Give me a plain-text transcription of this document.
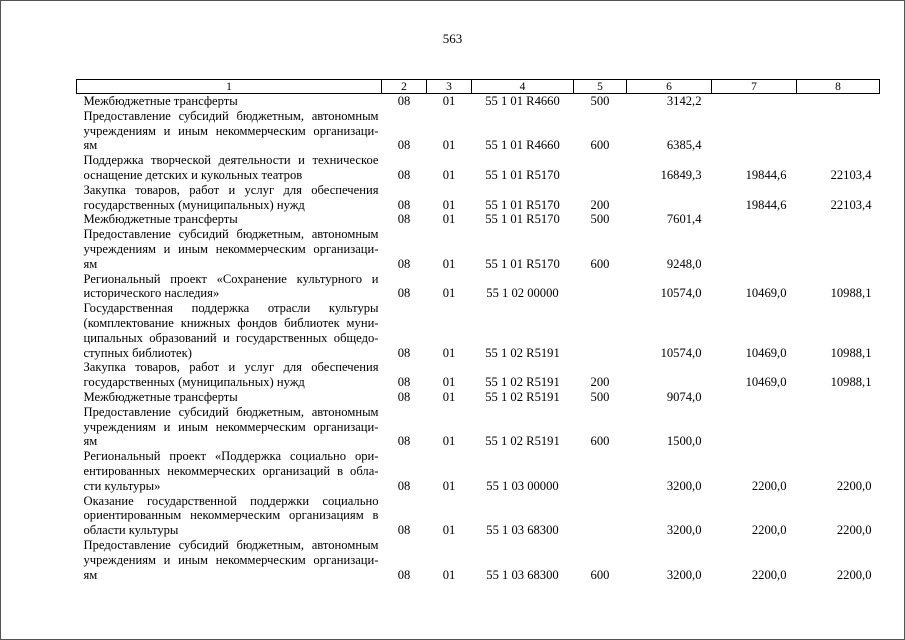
563
1	2	3	4	5	6	7	8

Межбюджетные трансферты	08	01	55 1 01 R4660	500	3142,2		

Предоставление субсидий бюджетным, автономным
учреждениям и иным некоммерческим организаци-
ям	08	01	55 1 01 R4660	600	6385,4		

Поддержка творческой деятельности и техническое
оснащение детских и кукольных театров	08	01	55 1 01 R5170		16849,3	19844,6	22103,4

Закупка товаров, работ и услуг для обеспечения
государственных (муниципальных) нужд	08	01	55 1 01 R5170	200		19844,6	22103,4

Межбюджетные трансферты	08	01	55 1 01 R5170	500	7601,4		

Предоставление субсидий бюджетным, автономным
учреждениям и иным некоммерческим организаци-
ям	08	01	55 1 01 R5170	600	9248,0		

Региональный проект «Сохранение культурного и
исторического наследия»	08	01	55 1 02 00000		10574,0	10469,0	10988,1

Государственная поддержка отрасли культуры
(комплектование книжных фондов библиотек муни-
ципальных образований и государственных общедо-
ступных библиотек)	08	01	55 1 02 R5191		10574,0	10469,0	10988,1

Закупка товаров, работ и услуг для обеспечения
государственных (муниципальных) нужд	08	01	55 1 02 R5191	200		10469,0	10988,1

Межбюджетные трансферты	08	01	55 1 02 R5191	500	9074,0		

Предоставление субсидий бюджетным, автономным
учреждениям и иным некоммерческим организаци-
ям	08	01	55 1 02 R5191	600	1500,0		

Региональный проект «Поддержка социально ори-
ентированных некоммерческих организаций в обла-
сти культуры»	08	01	55 1 03 00000		3200,0	2200,0	2200,0

Оказание государственной поддержки социально
ориентированным некоммерческим организациям в
области культуры	08	01	55 1 03 68300		3200,0	2200,0	2200,0

Предоставление субсидий бюджетным, автономным
учреждениям и иным некоммерческим организаци-
ям	08	01	55 1 03 68300	600	3200,0	2200,0	2200,0
